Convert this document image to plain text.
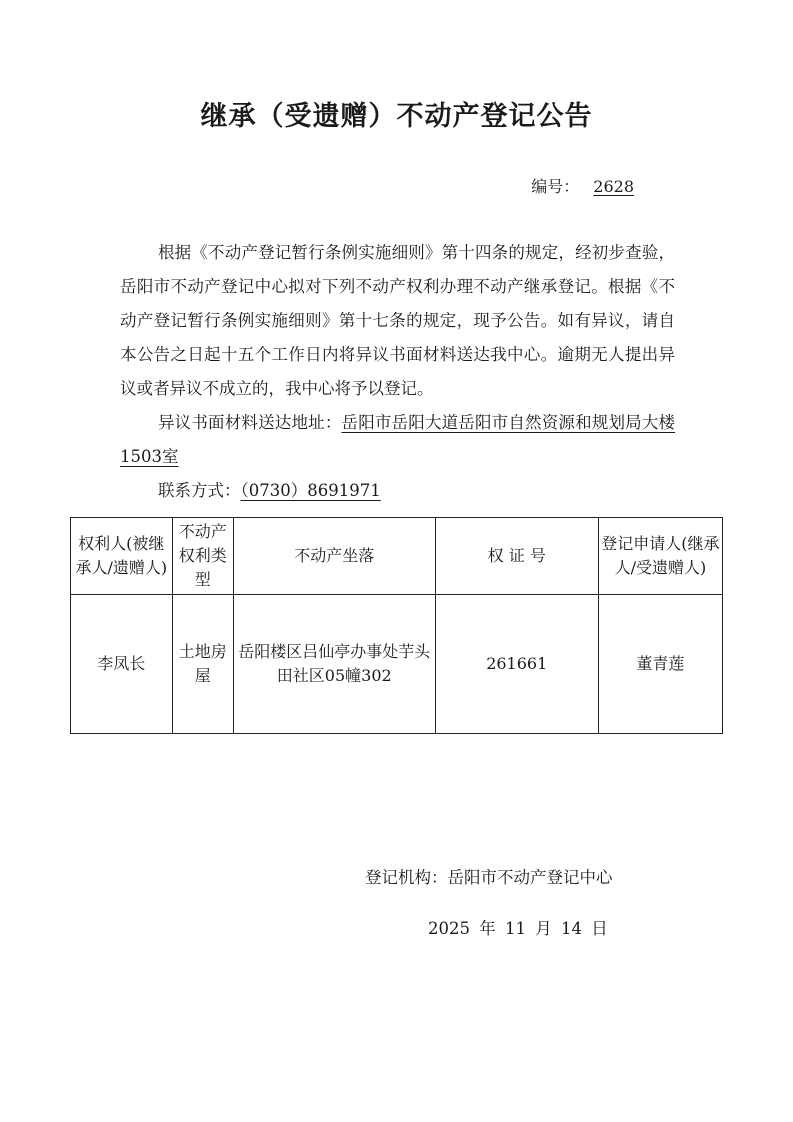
继承（受遗赠）不动产登记公告
编号： 2628

根据《不动产登记暂行条例实施细则》第十四条的规定，经初步查验，岳阳市不动产登记中心拟对下列不动产权利办理不动产继承登记。根据《不动产登记暂行条例实施细则》第十七条的规定，现予公告。如有异议，请自本公告之日起十五个工作日内将异议书面材料送达我中心。逾期无人提出异议或者异议不成立的，我中心将予以登记。

异议书面材料送达地址：岳阳市岳阳大道岳阳市自然资源和规划局大楼1503室

联系方式：（0730）8691971

权利人(被继承人/遗赠人)	不动产权利类型	不动产坐落	权 证 号	登记申请人(继承人/受遗赠人)
李凤长	土地房屋	岳阳楼区吕仙亭办事处芋头田社区05幢302	261661	董青莲
登记机构：岳阳市不动产登记中心
2025 年 11 月 14 日
